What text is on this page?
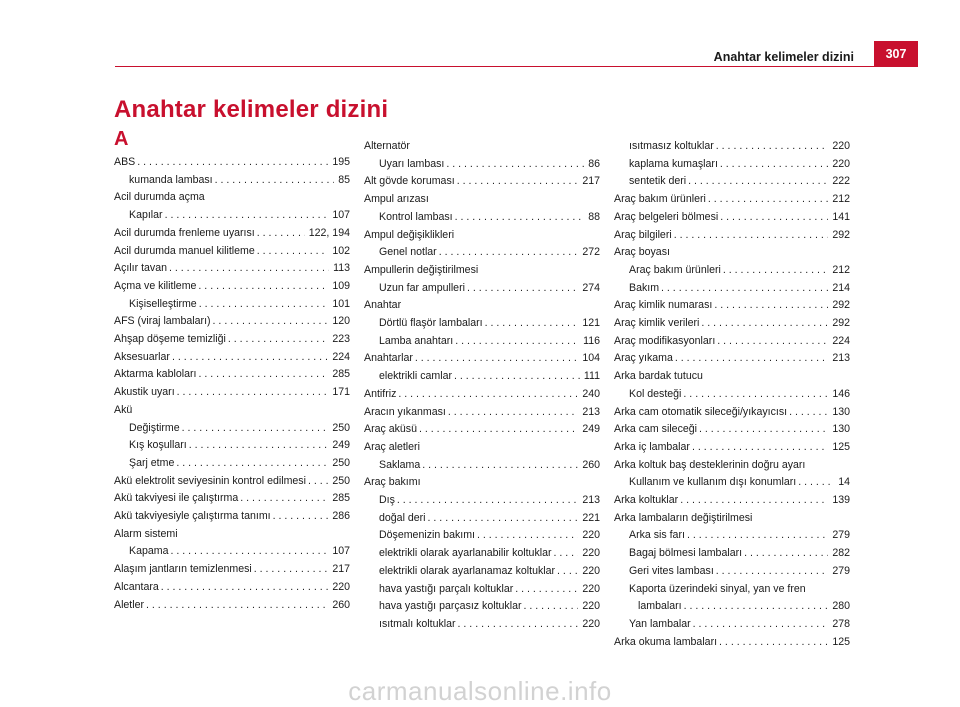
Anahtar kelimeler dizini	307
Anahtar kelimeler dizini
A
ABS . . .	195
kumanda lambası . . .	85
Acil durumda açma
Kapılar . . .	107
Acil durumda frenleme uyarısı . . .	122, 194
Acil durumda manuel kilitleme . . .	102
Açılır tavan . . .	113
Açma ve kilitleme . . .	109
Kişiselleştirme . . .	101
AFS (viraj lambaları) . . .	120
Ahşap döşeme temizliği . . .	223
Aksesuarlar . . .	224
Aktarma kabloları . . .	285
Akustik uyarı . . .	171
Akü
Değiştirme . . .	250
Kış koşulları . . .	249
Şarj etme . . .	250
Akü elektrolit seviyesinin kontrol edilmesi . . . 250
Akü takviyesi ile çalıştırma . . .	285
Akü takviyesiyle çalıştırma tanımı . . .	286
Alarm sistemi
Kapama . . .	107
Alaşım jantların temizlenmesi . . .	217
Alcantara . . .	220
Aletler . . .	260
Alternatör
Uyarı lambası . . .	86
Alt gövde koruması . . .	217
Ampul arızası
Kontrol lambası . . .	88
Ampul değişiklikleri
Genel notlar . . .	272
Ampullerin değiştirilmesi
Uzun far ampulleri . . .	274
Anahtar
Dörtlü flaşör lambaları . . .	121
Lamba anahtarı . . .	116
Anahtarlar . . .	104
elektrikli camlar . . .	111
Antifriz . . .	240
Aracın yıkanması . . .	213
Araç aküsü . . .	249
Araç aletleri
Saklama . . .	260
Araç bakımı
Dış . . .	213
doğal deri . . .	221
Döşemenizin bakımı . . .	220
elektrikli olarak ayarlanabilir koltuklar . . .	220
elektrikli olarak ayarlanamaz koltuklar . . .	220
hava yastığı parçalı koltuklar . . .	220
hava yastığı parçasız koltuklar . . .	220
ısıtmalı koltuklar . . .	220
ısıtmasız koltuklar . . .	220
kaplama kumaşları . . .	220
sentetik deri . . .	222
Araç bakım ürünleri . . .	212
Araç belgeleri bölmesi . . .	141
Araç bilgileri . . .	292
Araç boyası
Araç bakım ürünleri . . .	212
Bakım . . .	214
Araç kimlik numarası . . .	292
Araç kimlik verileri . . .	292
Araç modifikasyonları . . .	224
Araç yıkama . . .	213
Arka bardak tutucu
Kol desteği . . .	146
Arka cam otomatik sileceği/yıkayıcısı . . .	130
Arka cam sileceği . . .	130
Arka iç lambalar . . .	125
Arka koltuk baş desteklerinin doğru ayarı
Kullanım ve kullanım dışı konumları . . .	14
Arka koltuklar . . .	139
Arka lambaların değiştirilmesi
Arka sis farı . . .	279
Bagaj bölmesi lambaları . . .	282
Geri vites lambası . . .	279
Kaporta üzerindeki sinyal, yan ve fren
lambaları . . .	280
Yan lambalar . . .	278
Arka okuma lambaları . . .	125
carmanualsonline.info
